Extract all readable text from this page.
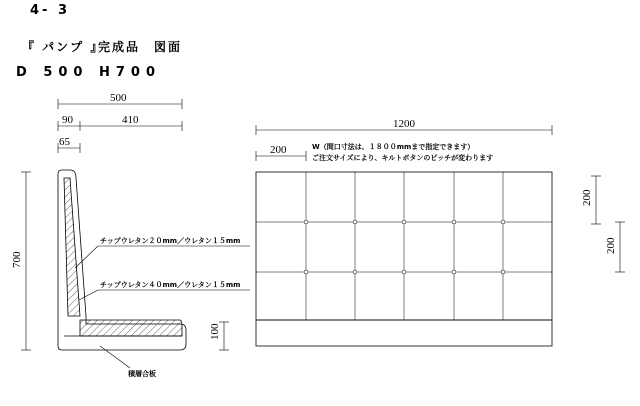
4- 3
『 パンプ 』
完成品　図面
D 500 H700
500
90	410
65
700
100
チップウレタン２０mm／ウレタン１５mm
チップウレタン４０mm／ウレタン１５mm
積層合板
1200
200	W（間口寸法は、１８００mmまで指定できます）
ご注文サイズにより、キルトボタンのピッチが変わります
200
200
